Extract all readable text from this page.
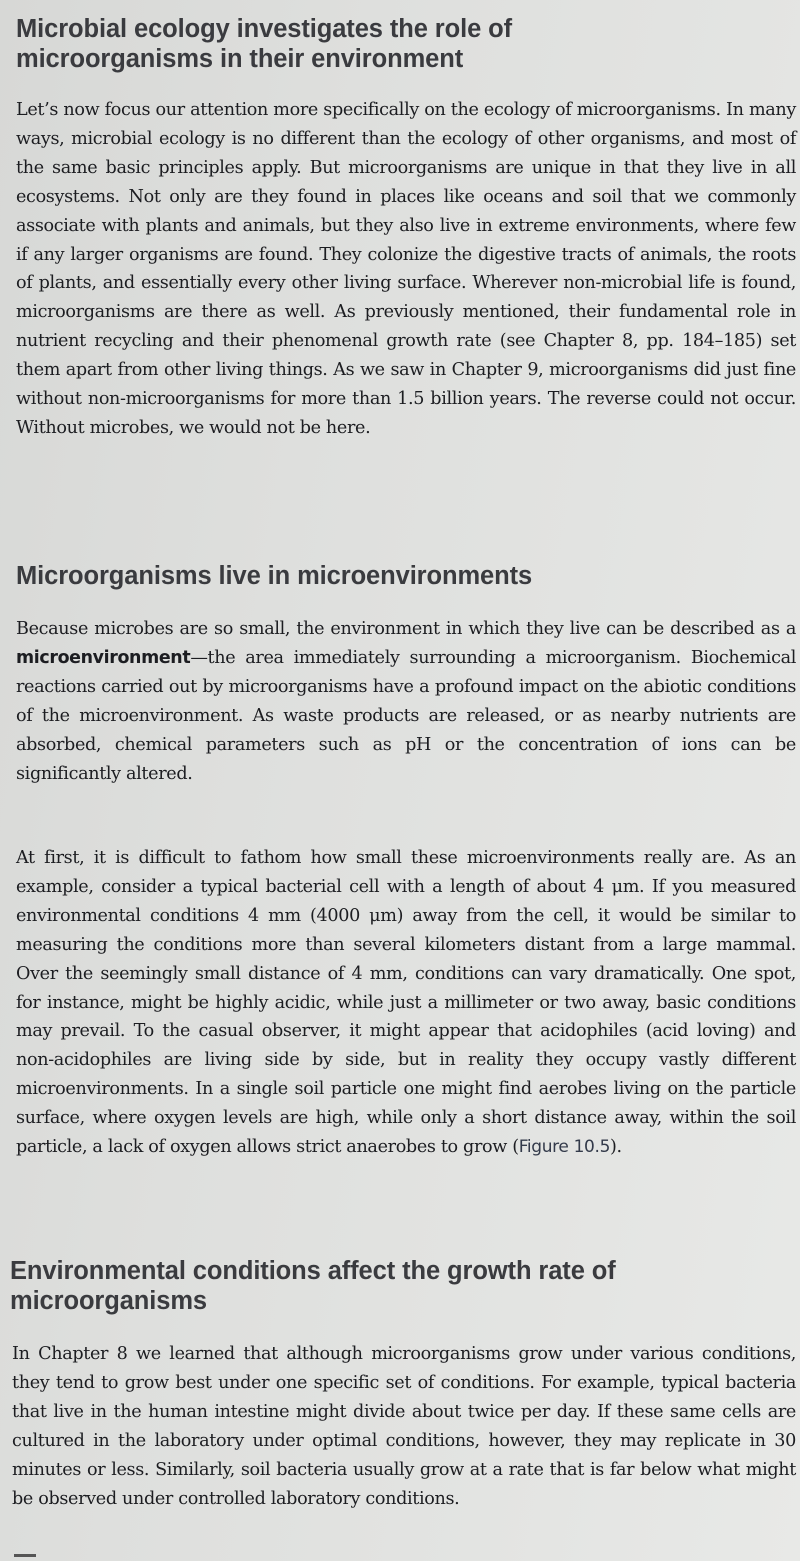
Microbial ecology investigates the role of microorganisms in their environment

Let’s now focus our attention more specifically on the ecology of microorganisms. In many ways, microbial ecology is no different than the ecology of other organisms, and most of the same basic principles apply. But microorganisms are unique in that they live in all ecosystems. Not only are they found in places like oceans and soil that we commonly associate with plants and animals, but they also live in extreme environments, where few if any larger organisms are found. They colonize the digestive tracts of animals, the roots of plants, and essentially every other living surface. Wherever non-microbial life is found, microorganisms are there as well. As previously mentioned, their fundamental role in nutrient recycling and their phenomenal growth rate (see Chapter 8, pp. 184–185) set them apart from other living things. As we saw in Chapter 9, microorganisms did just fine without non-microorganisms for more than 1.5 billion years. The reverse could not occur. Without microbes, we would not be here.

Microorganisms live in microenvironments

Because microbes are so small, the environment in which they live can be described as a microenvironment—the area immediately surrounding a microorganism. Biochemical reactions carried out by microorganisms have a profound impact on the abiotic conditions of the microenvironment. As waste products are released, or as nearby nutrients are absorbed, chemical parameters such as pH or the concentration of ions can be significantly altered.

At first, it is difficult to fathom how small these microenvironments really are. As an example, consider a typical bacterial cell with a length of about 4 μm. If you measured environmental conditions 4 mm (4000 μm) away from the cell, it would be similar to measuring the conditions more than several kilometers distant from a large mammal. Over the seemingly small distance of 4 mm, conditions can vary dramatically. One spot, for instance, might be highly acidic, while just a millimeter or two away, basic conditions may prevail. To the casual observer, it might appear that acidophiles (acid loving) and non-acidophiles are living side by side, but in reality they occupy vastly different microenvironments. In a single soil particle one might find aerobes living on the particle surface, where oxygen levels are high, while only a short distance away, within the soil particle, a lack of oxygen allows strict anaerobes to grow (Figure 10.5).

Environmental conditions affect the growth rate of microorganisms

In Chapter 8 we learned that although microorganisms grow under various conditions, they tend to grow best under one specific set of conditions. For example, typical bacteria that live in the human intestine might divide about twice per day. If these same cells are cultured in the laboratory under optimal conditions, however, they may replicate in 30 minutes or less. Similarly, soil bacteria usually grow at a rate that is far below what might be observed under controlled laboratory conditions.
